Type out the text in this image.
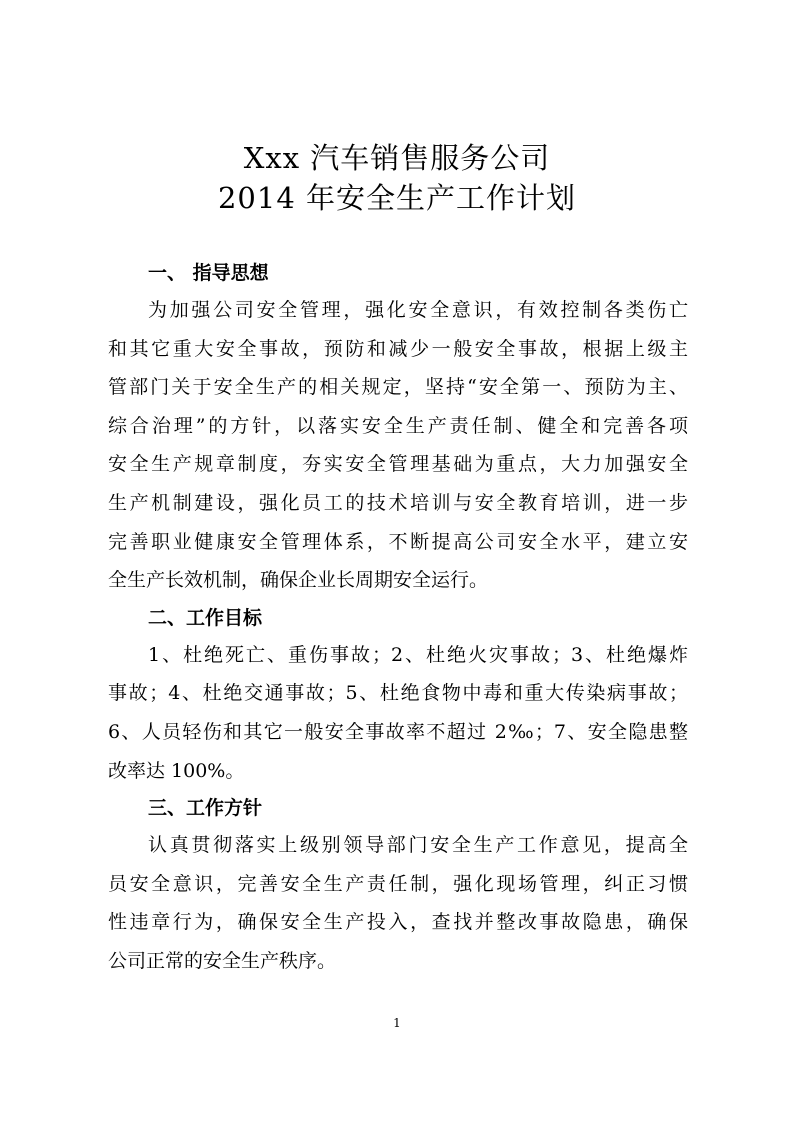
Xxx 汽车销售服务公司
2014 年安全生产工作计划
一、 指导思想
为加强公司安全管理，强化安全意识，有效控制各类伤亡
和其它重大安全事故，预防和减少一般安全事故，根据上级主
管部门关于安全生产的相关规定，坚持“安全第一、预防为主、
综合治理”的方针，以落实安全生产责任制、健全和完善各项
安全生产规章制度，夯实安全管理基础为重点，大力加强安全
生产机制建设，强化员工的技术培训与安全教育培训，进一步
完善职业健康安全管理体系，不断提高公司安全水平，建立安
全生产长效机制，确保企业长周期安全运行。
二、工作目标
1、杜绝死亡、重伤事故；2、杜绝火灾事故；3、杜绝爆炸
事故；4、杜绝交通事故；5、杜绝食物中毒和重大传染病事故；
6、人员轻伤和其它一般安全事故率不超过 2‰；7、安全隐患整
改率达 100%。
三、工作方针
认真贯彻落实上级别领导部门安全生产工作意见，提高全
员安全意识，完善安全生产责任制，强化现场管理，纠正习惯
性违章行为，确保安全生产投入，查找并整改事故隐患，确保
公司正常的安全生产秩序。
1
